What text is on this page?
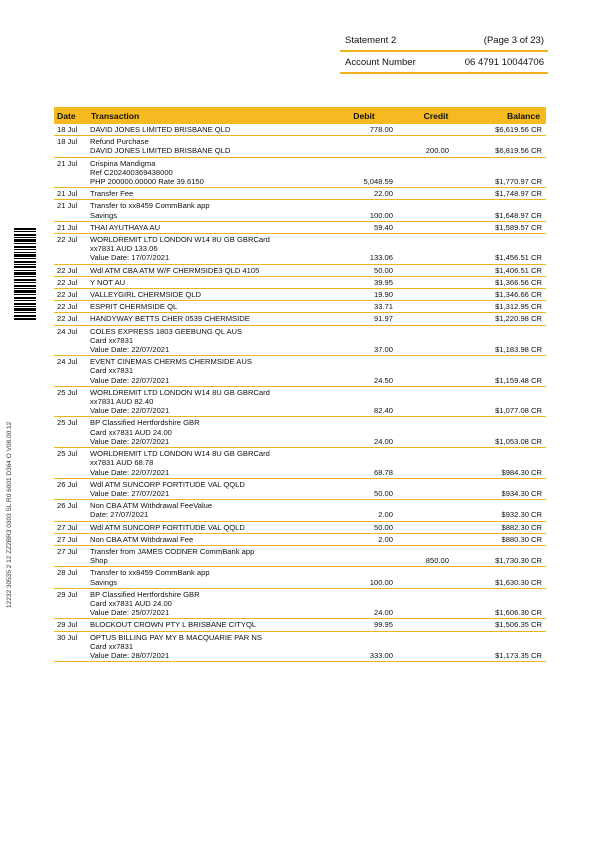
Statement 2	(Page 3 of 23)
Account Number	06 4791 10044706
12232 30535 2 12 ZZ2BR3 0303 SL R0 6001 D364 O V08.00.12
Date	Transaction	Debit	Credit	Balance
18 Jul	DAVID JONES LIMITED BRISBANE QLD	778.00		$6,619.56 CR
18 Jul	Refund Purchase
DAVID JONES LIMITED BRISBANE QLD		200.00	$6,819.56 CR
21 Jul	Crispina Mandigma
Ref C202400369438000
PHP 200000.00000 Rate 39.6150	5,048.59		$1,770.97 CR
21 Jul	Transfer Fee	22.00		$1,748.97 CR
21 Jul	Transfer to xx8459 CommBank app
Savings	100.00		$1,648.97 CR
21 Jul	THAI AYUTHAYA AU	59.40		$1,589.57 CR
22 Jul	WORLDREMIT LTD LONDON W14 8U GB GBRCard
xx7831 AUD 133.06
Value Date: 17/07/2021	133.06		$1,456.51 CR
22 Jul	Wdl ATM CBA ATM W/F CHERMSIDE3 QLD 4105	50.00		$1,406.51 CR
22 Jul	Y NOT AU	39.95		$1,366.56 CR
22 Jul	VALLEYGIRL CHERMSIDE QLD	19.90		$1,346.66 CR
22 Jul	ESPRIT CHERMSIDE QL	33.71		$1,312.95 CR
22 Jul	HANDYWAY BETTS CHER 0539 CHERMSIDE	91.97		$1,220.98 CR
24 Jul	COLES EXPRESS 1803 GEEBUNG QL AUS
Card xx7831
Value Date: 22/07/2021	37.00		$1,183.98 CR
24 Jul	EVENT CINEMAS CHERMS CHERMSIDE AUS
Card xx7831
Value Date: 22/07/2021	24.50		$1,159.48 CR
25 Jul	WORLDREMIT LTD LONDON W14 8U GB GBRCard
xx7831 AUD 82.40
Value Date: 22/07/2021	82.40		$1,077.08 CR
25 Jul	BP Classified Hertfordshire GBR
Card xx7831 AUD 24.00
Value Date: 22/07/2021	24.00		$1,053.08 CR
25 Jul	WORLDREMIT LTD LONDON W14 8U GB GBRCard
xx7831 AUD 68.78
Value Date: 22/07/2021	68.78		$984.30 CR
26 Jul	Wdl ATM SUNCORP FORTITUDE VAL QQLD
Value Date: 27/07/2021	50.00		$934.30 CR
26 Jul	Non CBA ATM Withdrawal FeeValue
Date: 27/07/2021	2.00		$932.30 CR
27 Jul	Wdl ATM SUNCORP FORTITUDE VAL QQLD	50.00		$882.30 CR
27 Jul	Non CBA ATM Withdrawal Fee	2.00		$880.30 CR
27 Jul	Transfer from JAMES CODNER CommBank app
Shop		850.00	$1,730.30 CR
28 Jul	Transfer to xx8459 CommBank app
Savings	100.00		$1,630.30 CR
29 Jul	BP Classified Hertfordshire GBR
Card xx7831 AUD 24.00
Value Date: 25/07/2021	24.00		$1,606.30 CR
29 Jul	BLOCKOUT CROWN PTY L BRISBANE CITYQL	99.95		$1,506.35 CR
30 Jul	OPTUS BILLING PAY MY B MACQUARIE PAR NS
Card xx7831
Value Date: 28/07/2021	333.00		$1,173.35 CR
